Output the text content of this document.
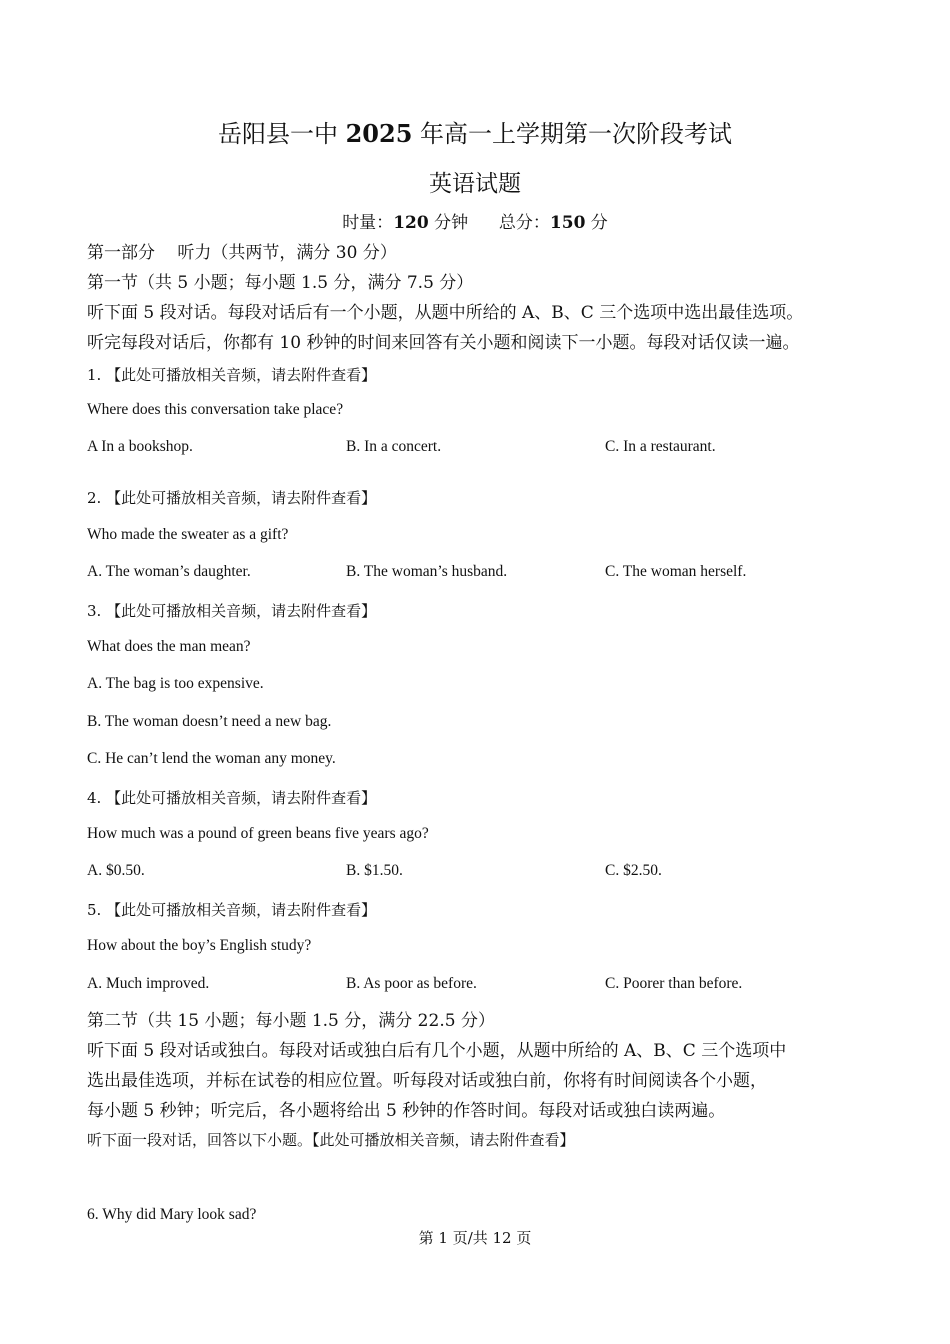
岳阳县一中 2025 年高一上学期第一次阶段考试
英语试题
时量：120 分钟 总分：150 分
第一部分　 听力（共两节，满分 30 分）
第一节（共 5 小题；每小题 1.5 分，满分 7.5 分）
听下面 5 段对话。每段对话后有一个小题，从题中所给的 A、B、C 三个选项中选出最佳选项。
听完每段对话后，你都有 10 秒钟的时间来回答有关小题和阅读下一小题。每段对话仅读一遍。
1. 【此处可播放相关音频，请去附件查看】
Where does this conversation take place?
A In a bookshop.	B. In a concert.	C. In a restaurant.
2. 【此处可播放相关音频，请去附件查看】
Who made the sweater as a gift?
A. The woman’s daughter.	B. The woman’s husband.	C. The woman herself.
3. 【此处可播放相关音频，请去附件查看】
What does the man mean?
A. The bag is too expensive.
B. The woman doesn’t need a new bag.
C. He can’t lend the woman any money.
4. 【此处可播放相关音频，请去附件查看】
How much was a pound of green beans five years ago?
A. $0.50.	B. $1.50.	C. $2.50.
5. 【此处可播放相关音频，请去附件查看】
How about the boy’s English study?
A. Much improved.	B. As poor as before.	C. Poorer than before.
第二节（共 15 小题；每小题 1.5 分，满分 22.5 分）
听下面 5 段对话或独白。每段对话或独白后有几个小题，从题中所给的 A、B、C 三个选项中
选出最佳选项，并标在试卷的相应位置。听每段对话或独白前，你将有时间阅读各个小题，
每小题 5 秒钟；听完后，各小题将给出 5 秒钟的作答时间。每段对话或独白读两遍。
听下面一段对话，回答以下小题。【此处可播放相关音频，请去附件查看】
6. Why did Mary look sad?
第 1 页/共 12 页
